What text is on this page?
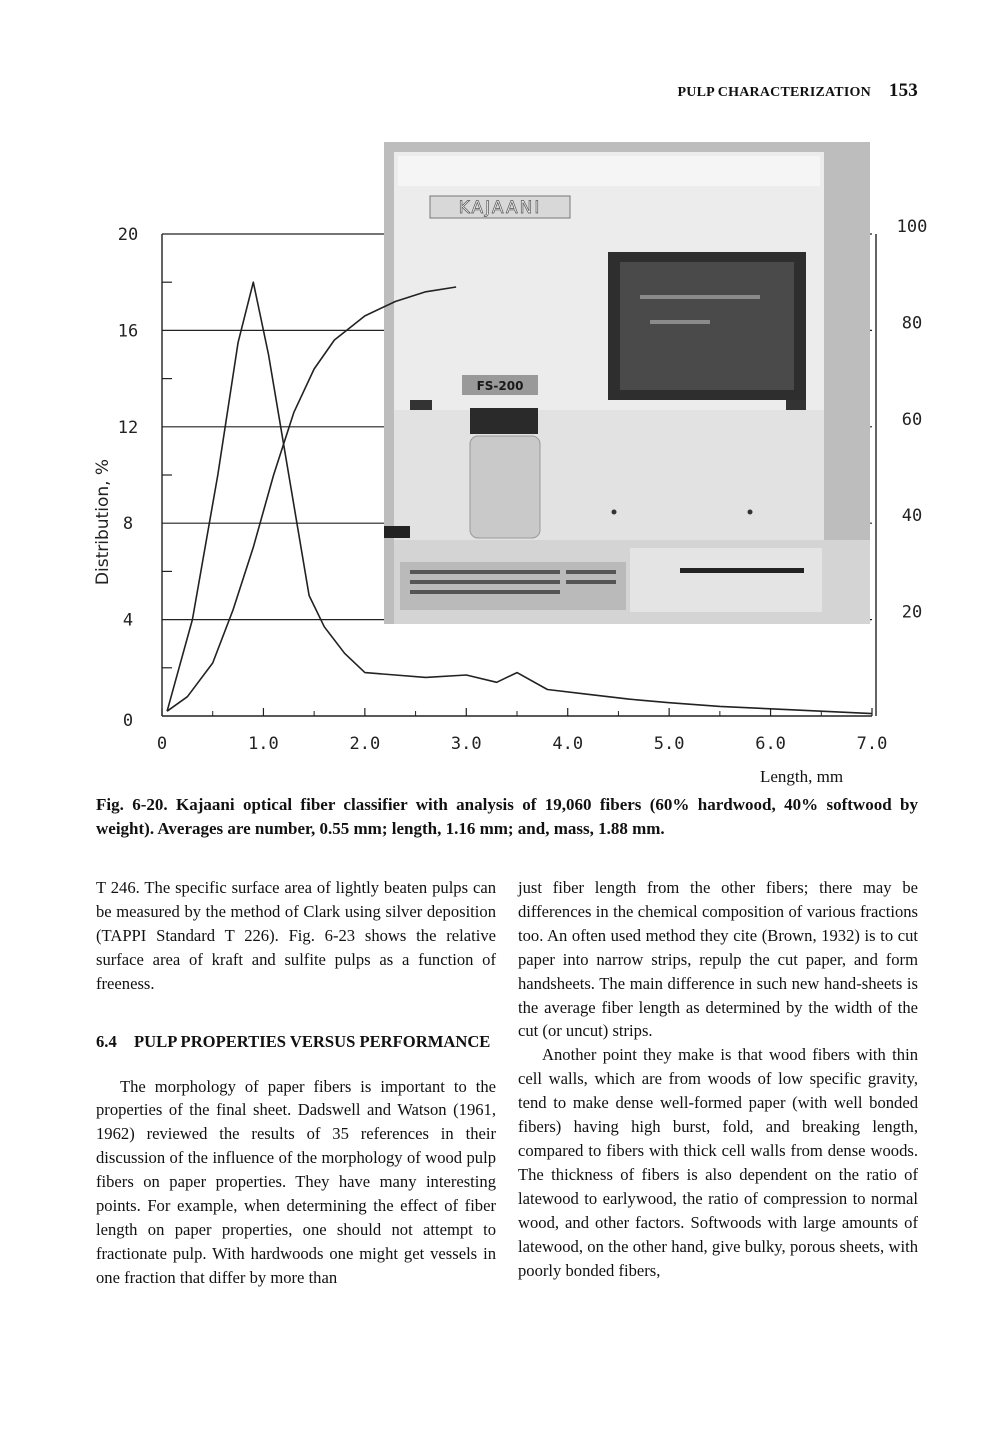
PULP CHARACTERIZATION 153
KAJAANI
FS-200
0	1.0	2.0	3.0	4.0	5.0	6.0	7.0
0
4
8
12
16
20
20
40
60
80
100
Distribution, %
Length, mm
Fig. 6-20. Kajaani optical fiber classifier with analysis of 19,060 fibers (60% hardwood, 40% softwood by weight). Averages are number, 0.55 mm; length, 1.16 mm; and, mass, 1.88 mm.

T 246. The specific surface area of lightly beaten pulps can be measured by the method of Clark using silver deposition (TAPPI Standard T 226). Fig. 6-23 shows the relative surface area of kraft and sulfite pulps as a function of freeness.

6.4	PULP PROPERTIES VERSUS PERFORMANCE

The morphology of paper fibers is important to the properties of the final sheet. Dadswell and Watson (1961, 1962) reviewed the results of 35 references in their discussion of the influence of the morphology of wood pulp fibers on paper properties. They have many interesting points. For example, when determining the effect of fiber length on paper properties, one should not attempt to fractionate pulp. With hardwoods one might get vessels in one fraction that differ by more than

just fiber length from the other fibers; there may be differences in the chemical composition of various fractions too. An often used method they cite (Brown, 1932) is to cut paper into narrow strips, repulp the cut paper, and form handsheets. The main difference in such new hand-sheets is the average fiber length as determined by the width of the cut (or uncut) strips.

Another point they make is that wood fibers with thin cell walls, which are from woods of low specific gravity, tend to make dense well-formed paper (with well bonded fibers) having high burst, fold, and breaking length, compared to fibers with thick cell walls from dense woods. The thickness of fibers is also dependent on the ratio of latewood to earlywood, the ratio of compression to normal wood, and other factors. Softwoods with large amounts of latewood, on the other hand, give bulky, porous sheets, with poorly bonded fibers,
